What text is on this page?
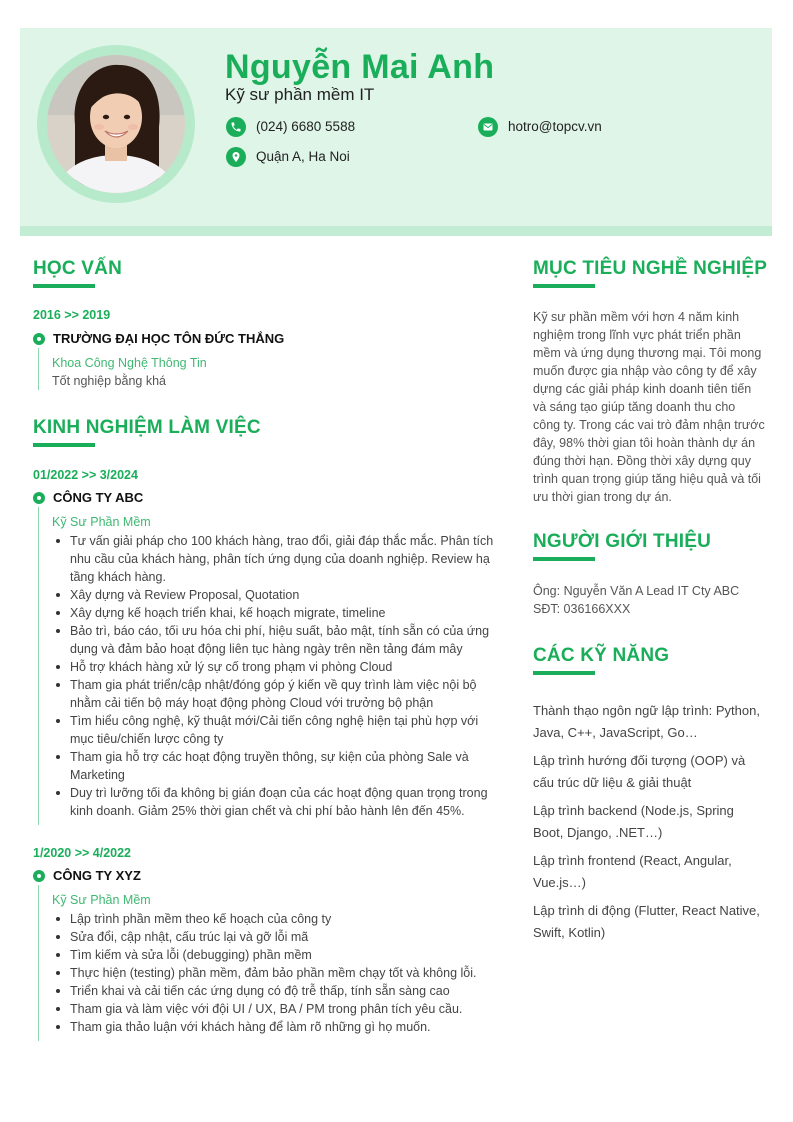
Nguyễn Mai Anh
Kỹ sư phần mềm IT
(024) 6680 5588	hotro@topcv.vn
Quận A, Ha Noi
HỌC VẤN
2016 >> 2019
TRƯỜNG ĐẠI HỌC TÔN ĐỨC THẮNG
Khoa Công Nghệ Thông Tin
Tốt nghiệp bằng khá
KINH NGHIỆM LÀM VIỆC
01/2022 >> 3/2024
CÔNG TY ABC
Kỹ Sư Phần Mềm
Tư vấn giải pháp cho 100 khách hàng, trao đổi, giải đáp thắc mắc. Phân tích nhu cầu của khách hàng, phân tích ứng dụng của doanh nghiệp. Review hạ tầng khách hàng.
Xây dựng và Review Proposal, Quotation
Xây dựng kế hoạch triển khai, kế hoạch migrate, timeline
Bảo trì, báo cáo, tối ưu hóa chi phí, hiệu suất, bảo mật, tính sẵn có của ứng dụng và đảm bảo hoạt động liên tục hàng ngày trên nền tảng đám mây
Hỗ trợ khách hàng xử lý sự cố trong phạm vi phòng Cloud
Tham gia phát triển/cập nhật/đóng góp ý kiến về quy trình làm việc nội bộ nhằm cải tiến bộ máy hoạt động phòng Cloud với trưởng bộ phận
Tìm hiểu công nghệ, kỹ thuật mới/Cải tiến công nghệ hiện tại phù hợp với mục tiêu/chiến lược công ty
Tham gia hỗ trợ các hoạt động truyền thông, sự kiện của phòng Sale và Marketing
Duy trì lưỡng tối đa không bị gián đoạn của các hoạt động quan trọng trong kinh doanh. Giảm 25% thời gian chết và chi phí bảo hành lên đến 45%.
1/2020 >> 4/2022
CÔNG TY XYZ
Kỹ Sư Phần Mềm
Lập trình phần mềm theo kế hoạch của công ty
Sửa đổi, cập nhật, cấu trúc lại và gỡ lỗi mã
Tìm kiếm và sửa lỗi (debugging) phần mềm
Thực hiện (testing) phần mềm, đảm bảo phần mềm chạy tốt và không lỗi.
Triển khai và cải tiến các ứng dụng có độ trễ thấp, tính sẵn sàng cao
Tham gia và làm việc với đội UI / UX, BA / PM trong phân tích yêu cầu.
Tham gia thảo luận với khách hàng để làm rõ những gì họ muốn.
MỤC TIÊU NGHỀ NGHIỆP
Kỹ sư phần mềm với hơn 4 năm kinh nghiệm trong lĩnh vực phát triển phần mềm và ứng dụng thương mại. Tôi mong muốn được gia nhập vào công ty để xây dựng các giải pháp kinh doanh tiên tiến và sáng tạo giúp tăng doanh thu cho công ty. Trong các vai trò đảm nhận trước đây, 98% thời gian tôi hoàn thành dự án đúng thời hạn. Đồng thời xây dựng quy trình quan trọng giúp tăng hiệu quả và tối ưu thời gian trong dự án.
NGƯỜI GIỚI THIỆU
Ông: Nguyễn Văn A Lead IT Cty ABC
SĐT: 036166XXX
CÁC KỸ NĂNG
Thành thạo ngôn ngữ lập trình: Python, Java, C++, JavaScript, Go…
Lập trình hướng đối tượng (OOP) và cấu trúc dữ liệu & giải thuật
Lập trình backend (Node.js, Spring Boot, Django, .NET…)
Lập trình frontend (React, Angular, Vue.js…)
Lập trình di động (Flutter, React Native, Swift, Kotlin)
